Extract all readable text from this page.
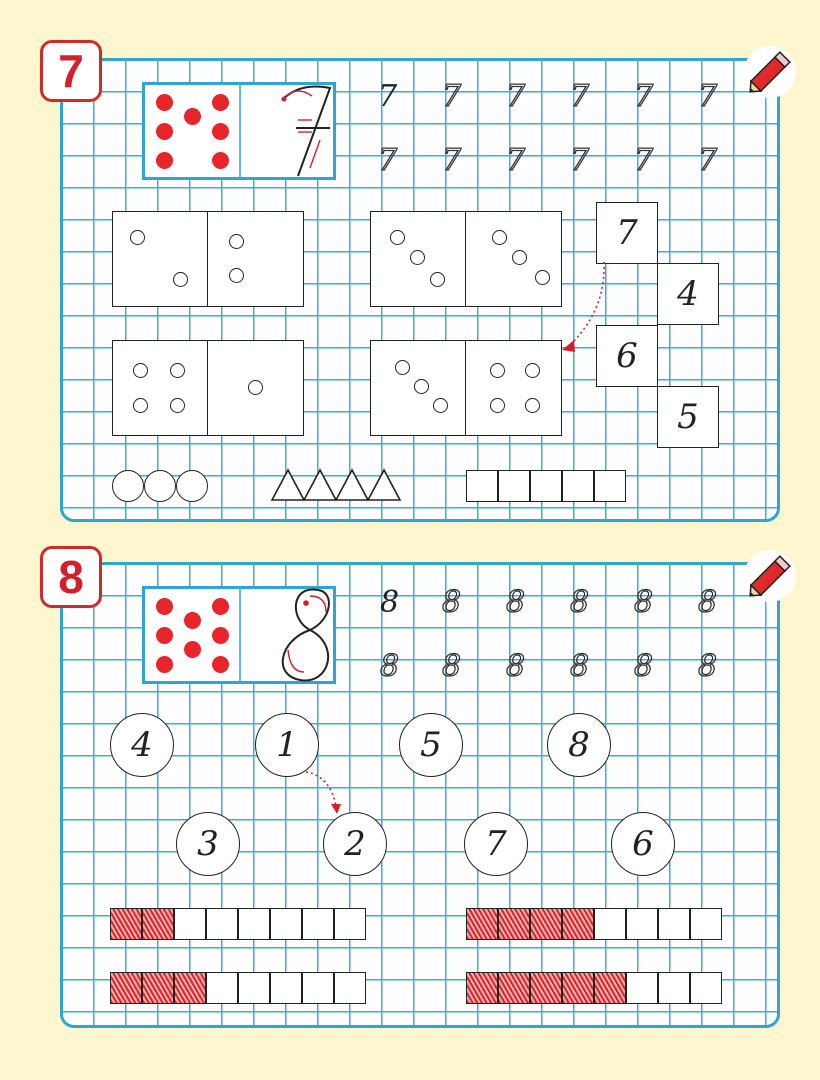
7	7 7 7 7 7 7
7 7 7 7 7 7
7
4
6
5
8	8 8 8 8 8 8
8 8 8 8 8 8
4	1	5	8
3	2	7	6
